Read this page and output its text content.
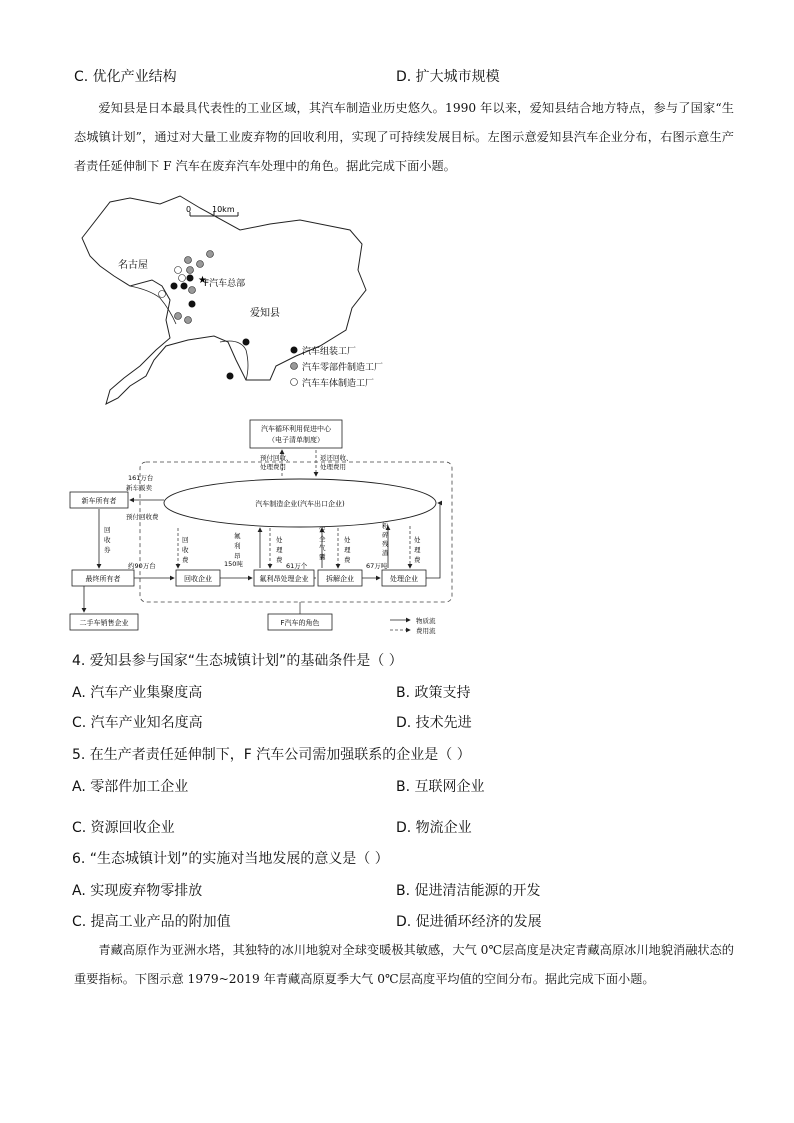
C. 优化产业结构	D. 扩大城市规模
爱知县是日本最具代表性的工业区域，其汽车制造业历史悠久。1990 年以来，爱知县结合地方特点，参与了国家“生态城镇计划”，通过对大量工业废弃物的回收利用，实现了可持续发展目标。左图示意爱知县汽车企业分布，右图示意生产者责任延伸制下 F 汽车在废弃汽车处理中的角色。据此完成下面小题。
0	10km
名古屋
F汽车总部
★
爱知县
汽车组装工厂
汽车零部件制造工厂
汽车车体制造工厂
汽车循环利用促进中心
（电子清单制度）
预付回收、
处理费用
返还回收、
处理费用
汽车制造企业(汽车出口企业)
新车所有者
161万台
新车贩卖
预付回收费
回
收
券
最终所有者
约90万台
回收企业
回
收
费
氟利昂处理企业
氟
利
昂
150吨
处
理
费
拆解企业
安
全
气
囊
61万个
处
理
费
处理企业
粉
碎
残
渣
67万吨
处
理
费
二手车销售企业	F汽车的角色	物质流
费用流
4. 爱知县参与国家“生态城镇计划”的基础条件是（ ）
A. 汽车产业集聚度高	B. 政策支持
C. 汽车产业知名度高	D. 技术先进
5. 在生产者责任延伸制下，F 汽车公司需加强联系的企业是（ ）
A. 零部件加工企业	B. 互联网企业
C. 资源回收企业	D. 物流企业
6. “生态城镇计划”的实施对当地发展的意义是（ ）
A. 实现废弃物零排放	B. 促进清洁能源的开发
C. 提高工业产品的附加值	D. 促进循环经济的发展
青藏高原作为亚洲水塔，其独特的冰川地貌对全球变暖极其敏感，大气 0℃层高度是决定青藏高原冰川地貌消融状态的重要指标。下图示意 1979~2019 年青藏高原夏季大气 0℃层高度平均值的空间分布。据此完成下面小题。
